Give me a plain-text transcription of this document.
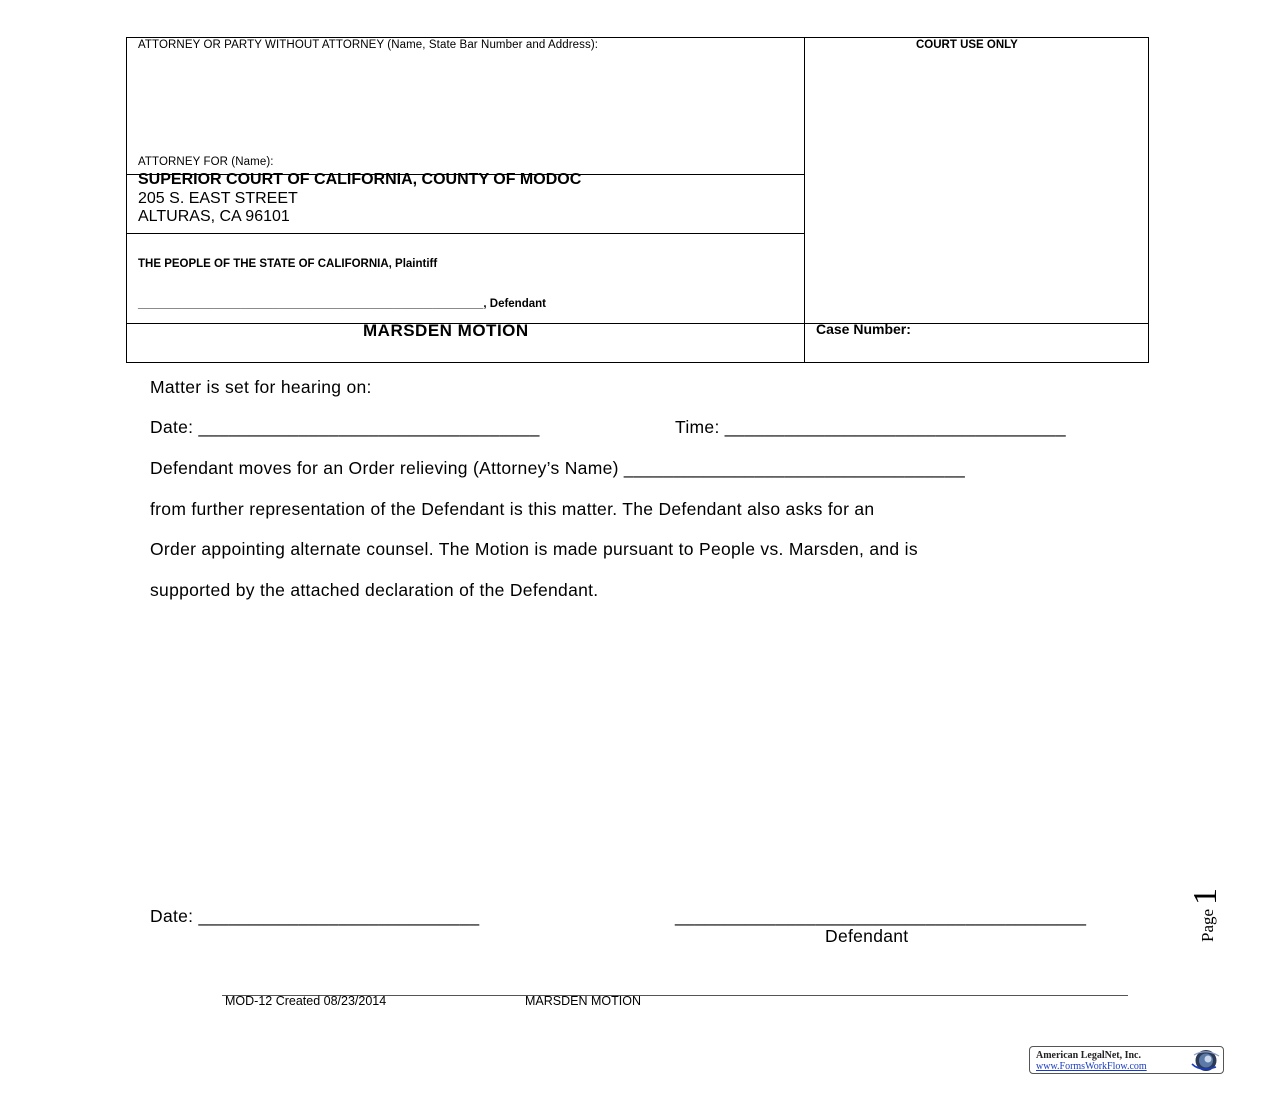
ATTORNEY OR PARTY WITHOUT ATTORNEY (Name, State Bar Number and Address):	COURT USE ONLY
ATTORNEY FOR (Name):
SUPERIOR COURT OF CALIFORNIA, COUNTY OF MODOC
205 S. EAST STREET
ALTURAS, CA 96101
THE PEOPLE OF THE STATE OF CALIFORNIA, Plaintiff
______________________________________________________, Defendant
MARSDEN MOTION	Case Number:
Matter is set for hearing on:
Date: __________________________________	Time: __________________________________
Defendant moves for an Order relieving (Attorney’s Name) __________________________________
from further representation of the Defendant is this matter. The Defendant also asks for an
Order appointing alternate counsel. The Motion is made pursuant to People vs. Marsden, and is
supported by the attached declaration of the Defendant.
Date: ____________________________	_________________________________________
Defendant
MOD-12 Created 08/23/2014	MARSDEN MOTION
Page
1
American LegalNet, Inc.
www.FormsWorkFlow.com
